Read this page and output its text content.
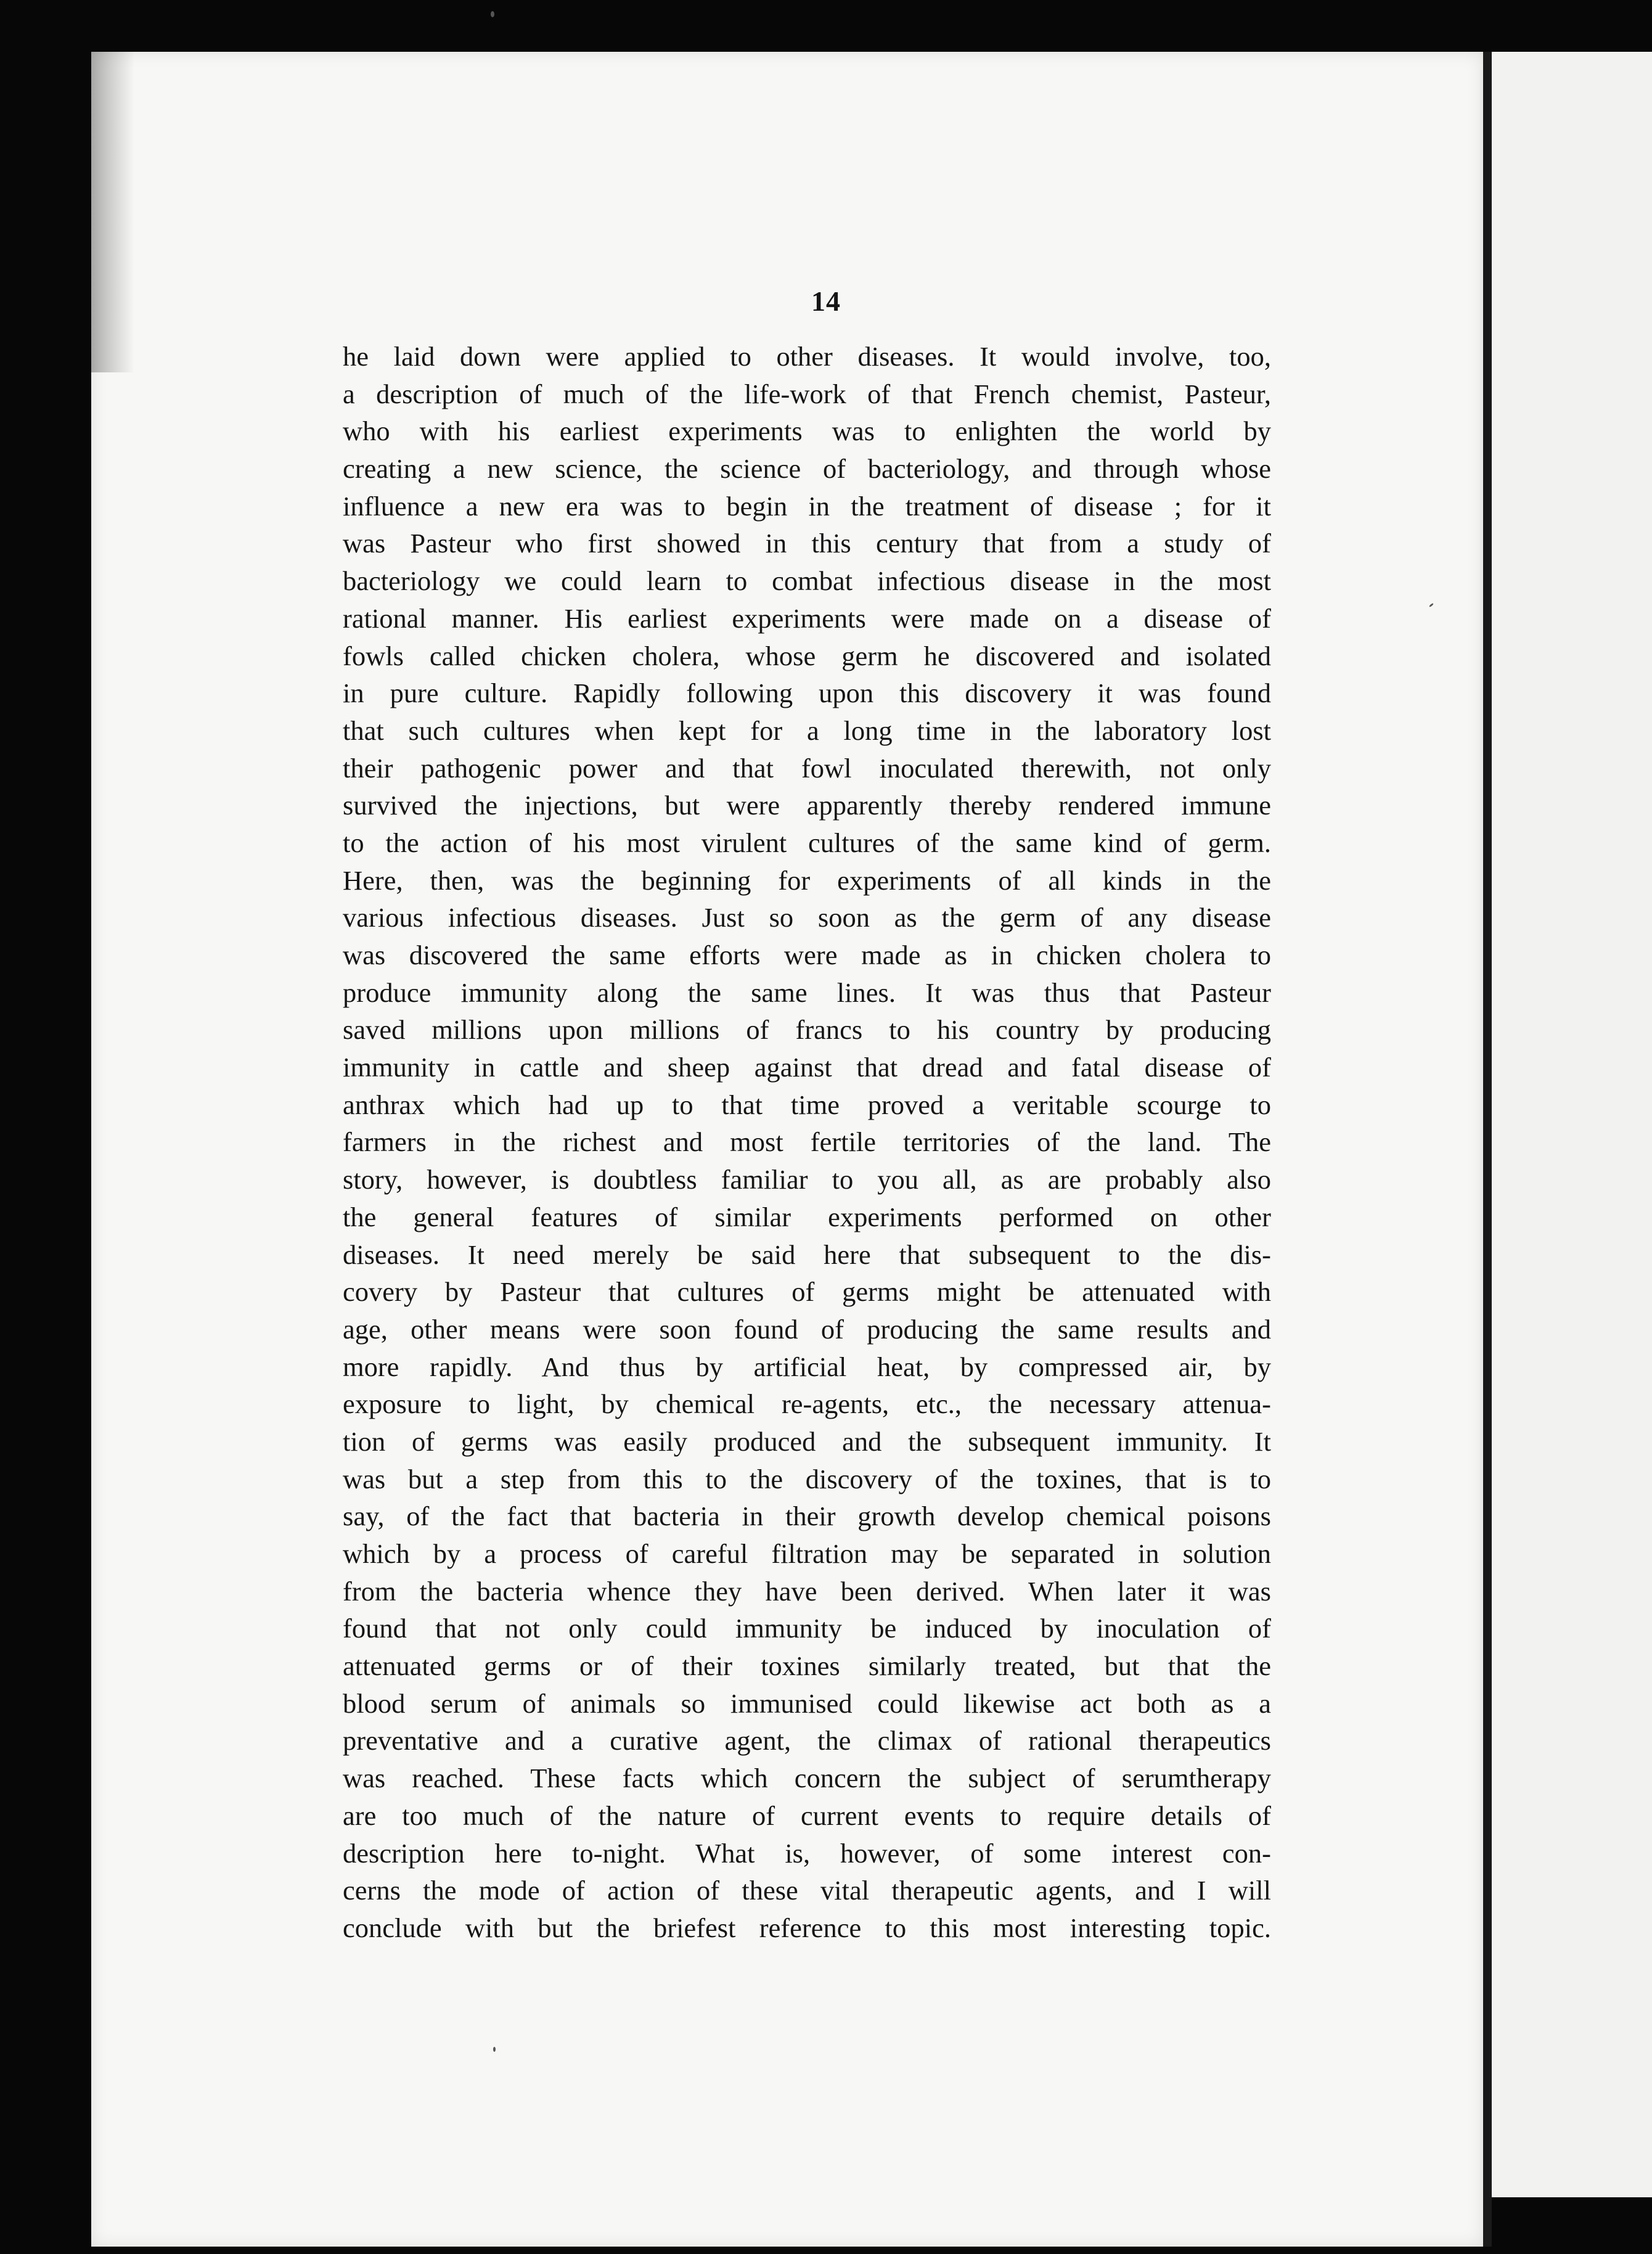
14
he laid down were applied to other diseases. It would involve, too,
a description of much of the life-work of that French chemist, Pasteur,
who with his earliest experiments was to enlighten the world by
creating a new science, the science of bacteriology, and through whose
influence a new era was to begin in the treatment of disease ; for it
was Pasteur who first showed in this century that from a study of
bacteriology we could learn to combat infectious disease in the most
rational manner. His earliest experiments were made on a disease of
fowls called chicken cholera, whose germ he discovered and isolated
in pure culture. Rapidly following upon this discovery it was found
that such cultures when kept for a long time in the laboratory lost
their pathogenic power and that fowl inoculated therewith, not only
survived the injections, but were apparently thereby rendered immune
to the action of his most virulent cultures of the same kind of germ.
Here, then, was the beginning for experiments of all kinds in the
various infectious diseases. Just so soon as the germ of any disease
was discovered the same efforts were made as in chicken cholera to
produce immunity along the same lines. It was thus that Pasteur
saved millions upon millions of francs to his country by producing
immunity in cattle and sheep against that dread and fatal disease of
anthrax which had up to that time proved a veritable scourge to
farmers in the richest and most fertile territories of the land. The
story, however, is doubtless familiar to you all, as are probably also
the general features of similar experiments performed on other
diseases. It need merely be said here that subsequent to the dis-
covery by Pasteur that cultures of germs might be attenuated with
age, other means were soon found of producing the same results and
more rapidly. And thus by artificial heat, by compressed air, by
exposure to light, by chemical re-agents, etc., the necessary attenua-
tion of germs was easily produced and the subsequent immunity. It
was but a step from this to the discovery of the toxines, that is to
say, of the fact that bacteria in their growth develop chemical poisons
which by a process of careful filtration may be separated in solution
from the bacteria whence they have been derived. When later it was
found that not only could immunity be induced by inoculation of
attenuated germs or of their toxines similarly treated, but that the
blood serum of animals so immunised could likewise act both as a
preventative and a curative agent, the climax of rational therapeutics
was reached. These facts which concern the subject of serumtherapy
are too much of the nature of current events to require details of
description here to-night. What is, however, of some interest con-
cerns the mode of action of these vital therapeutic agents, and I will
conclude with but the briefest reference to this most interesting topic.
